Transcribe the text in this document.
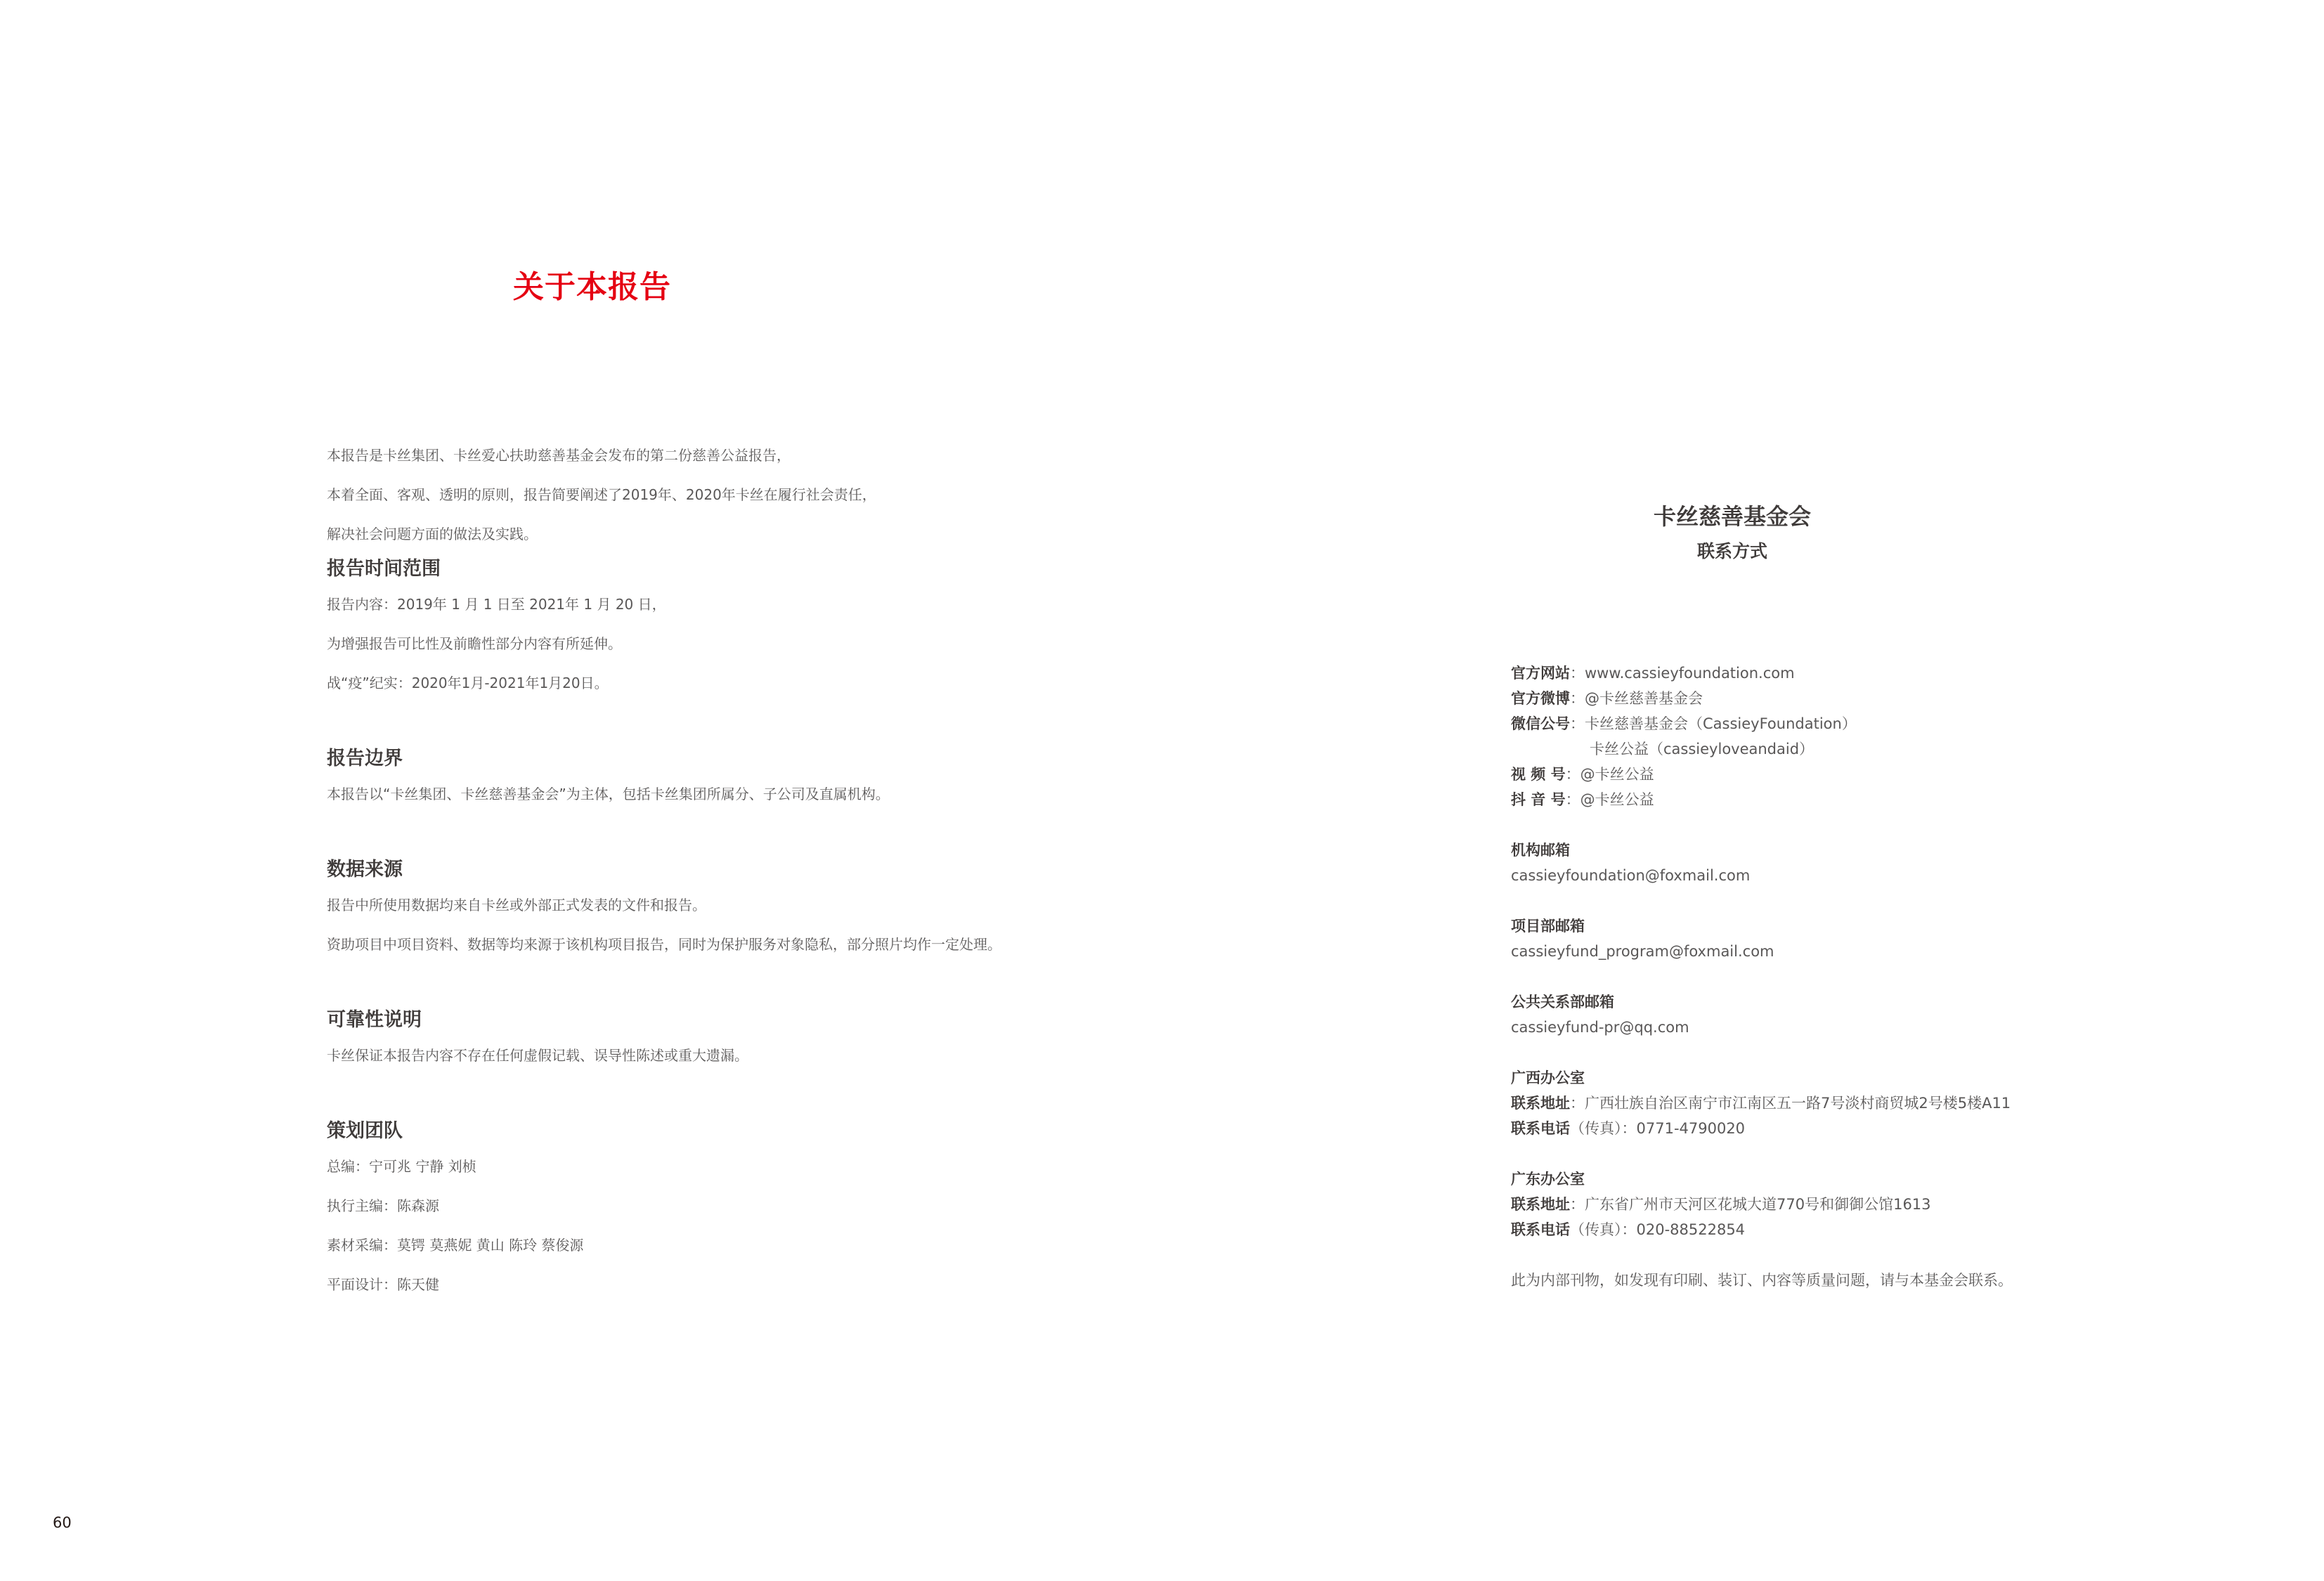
关于本报告
本报告是卡丝集团、卡丝爱心扶助慈善基金会发布的第二份慈善公益报告，
本着全面、客观、透明的原则，报告简要阐述了2019年、2020年卡丝在履行社会责任，
解决社会问题方面的做法及实践。
报告时间范围
报告内容：2019年 1 月 1 日至 2021年 1 月 20 日，
为增强报告可比性及前瞻性部分内容有所延伸。
战“疫”纪实：2020年1月-2021年1月20日。
报告边界
本报告以“卡丝集团、卡丝慈善基金会”为主体，包括卡丝集团所属分、子公司及直属机构。
数据来源
报告中所使用数据均来自卡丝或外部正式发表的文件和报告。
资助项目中项目资料、数据等均来源于该机构项目报告，同时为保护服务对象隐私，部分照片均作一定处理。
可靠性说明
卡丝保证本报告内容不存在任何虚假记载、误导性陈述或重大遗漏。
策划团队
总编：宁可兆 宁静 刘桢
执行主编：陈森源
素材采编：莫锷 莫燕妮 黄山 陈玲 蔡俊源
平面设计：陈天健
60
卡丝慈善基金会
联系方式
官方网站：www.cassieyfoundation.com
官方微博：@卡丝慈善基金会
微信公号：卡丝慈善基金会（CassieyFoundation）
卡丝公益（cassieyloveandaid）
视 频 号：@卡丝公益
抖 音 号：@卡丝公益
机构邮箱
cassieyfoundation@foxmail.com
项目部邮箱
cassieyfund_program@foxmail.com
公共关系部邮箱
cassieyfund-pr@qq.com
广西办公室
联系地址：广西壮族自治区南宁市江南区五一路7号淡村商贸城2号楼5楼A11
联系电话（传真）：0771-4790020
广东办公室
联系地址：广东省广州市天河区花城大道770号和御御公馆1613
联系电话（传真）：020-88522854
此为内部刊物，如发现有印刷、装订、内容等质量问题，请与本基金会联系。
